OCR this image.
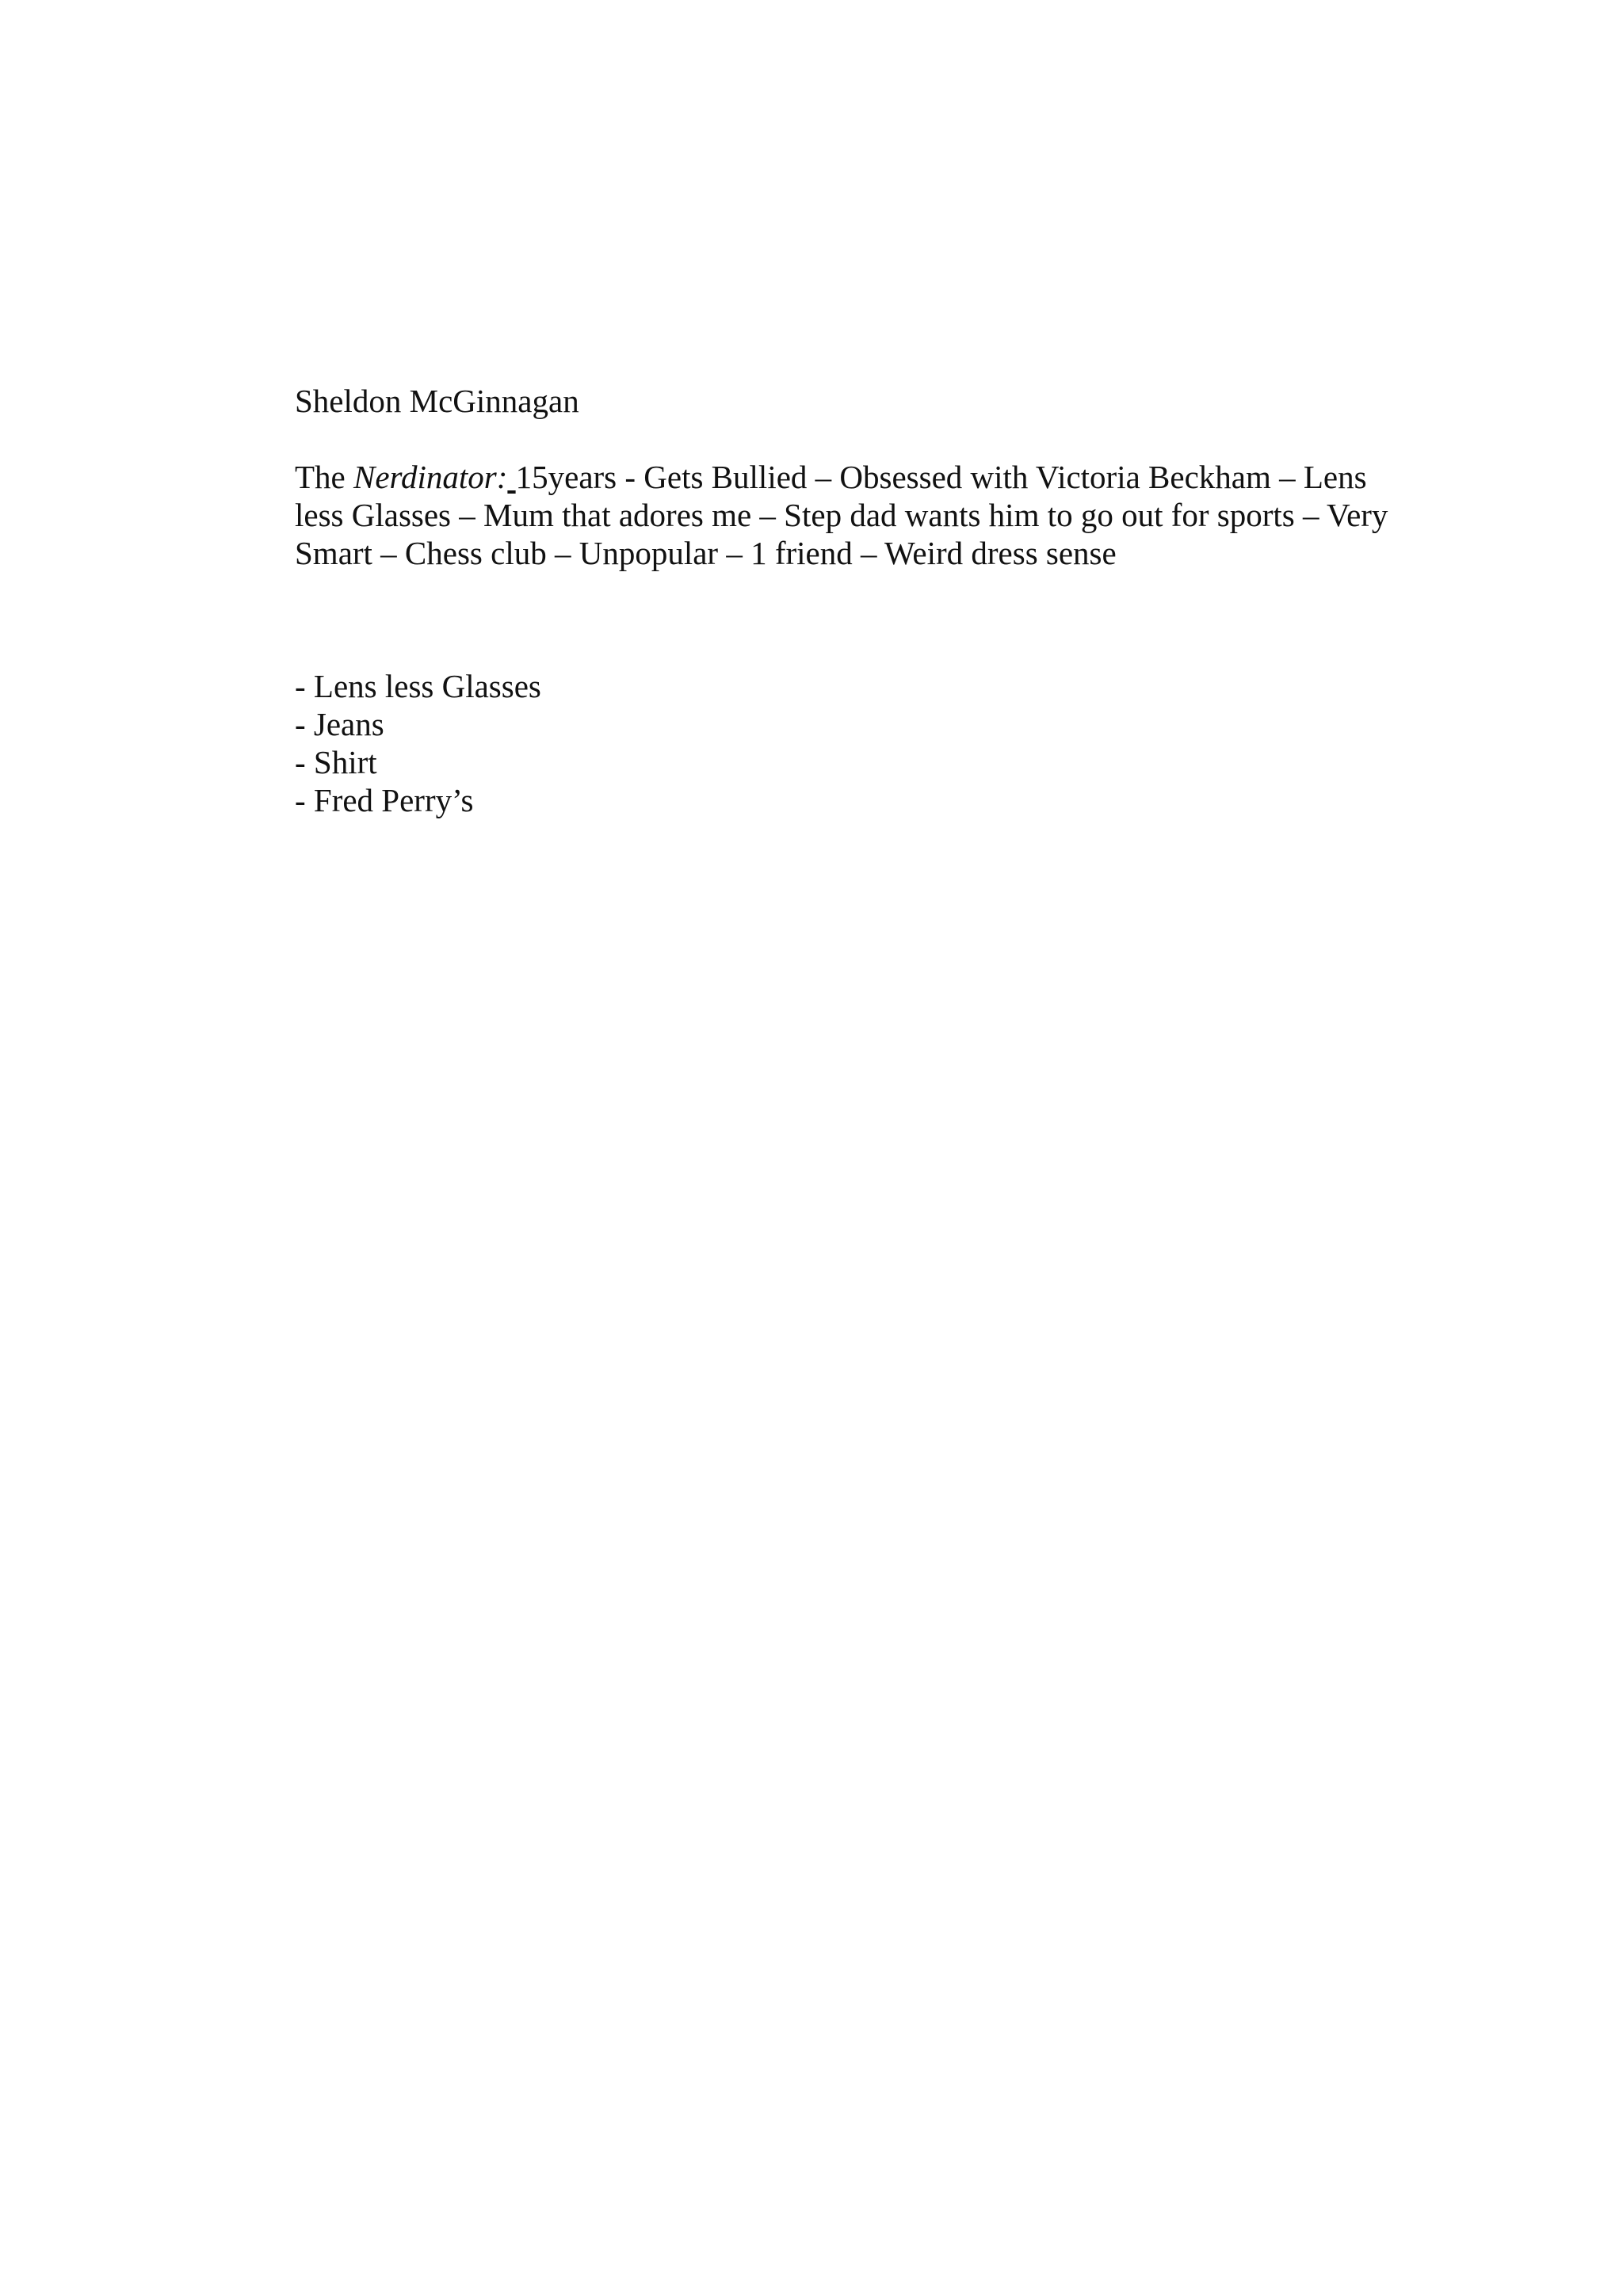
Sheldon McGinnagan

The Nerdinator: 15years - Gets Bullied – Obsessed with Victoria Beckham – Lens less Glasses – Mum that adores me – Step dad wants him to go out for sports – Very Smart – Chess club – Unpopular – 1 friend – Weird dress sense

- Lens less Glasses
- Jeans
- Shirt
- Fred Perry’s
